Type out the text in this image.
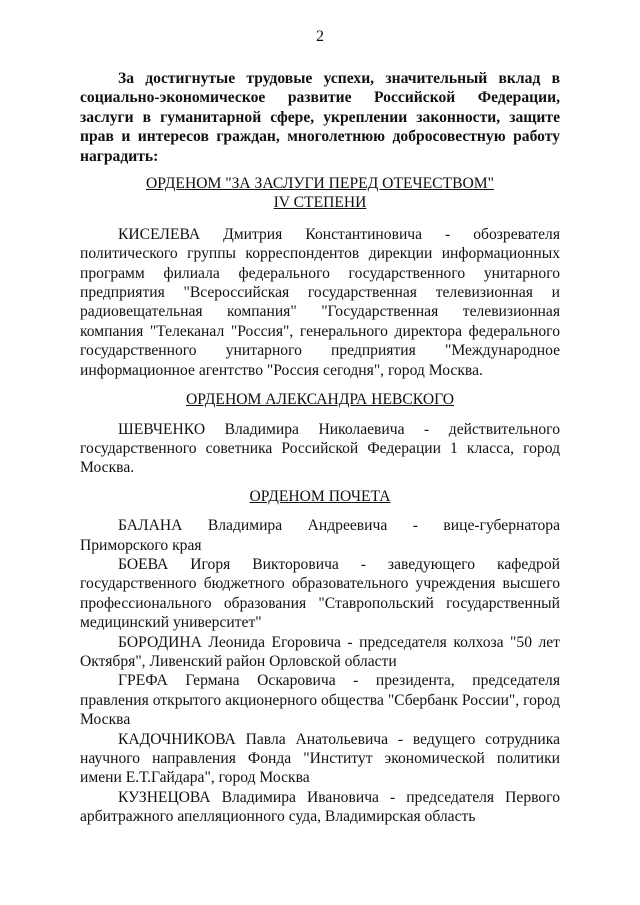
2

За достигнутые трудовые успехи, значительный вклад в социально-экономическое развитие Российской Федерации, заслуги в гуманитарной сфере, укреплении законности, защите прав и интересов граждан, многолетнюю добросовестную работу наградить:

ОРДЕНОМ "ЗА ЗАСЛУГИ ПЕРЕД ОТЕЧЕСТВОМ"
IV СТЕПЕНИ

КИСЕЛЕВА Дмитрия Константиновича - обозревателя политического группы корреспондентов дирекции информационных программ филиала федерального государственного унитарного предприятия "Всероссийская государственная телевизионная и радиовещательная компания" "Государственная телевизионная компания "Телеканал "Россия", генерального директора федерального государственного унитарного предприятия "Международное информационное агентство "Россия сегодня", город Москва.

ОРДЕНОМ АЛЕКСАНДРА НЕВСКОГО

ШЕВЧЕНКО Владимира Николаевича - действительного государственного советника Российской Федерации 1 класса, город Москва.

ОРДЕНОМ ПОЧЕТА

БАЛАНА Владимира Андреевича - вице-губернатора Приморского края

БОЕВА Игоря Викторовича - заведующего кафедрой государственного бюджетного образовательного учреждения высшего профессионального образования "Ставропольский государственный медицинский университет"

БОРОДИНА Леонида Егоровича - председателя колхоза "50 лет Октября", Ливенский район Орловской области

ГРЕФА Германа Оскаровича - президента, председателя правления открытого акционерного общества "Сбербанк России", город Москва

КАДОЧНИКОВА Павла Анатольевича - ведущего сотрудника научного направления Фонда "Институт экономической политики имени Е.Т.Гайдара", город Москва

КУЗНЕЦОВА Владимира Ивановича - председателя Первого арбитражного апелляционного суда, Владимирская область
